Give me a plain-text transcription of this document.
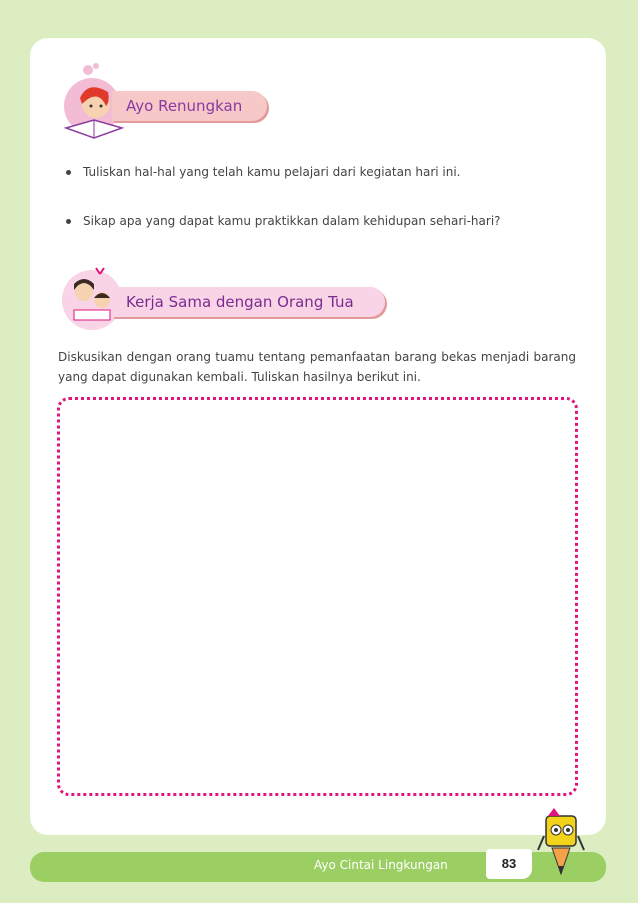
Ayo Renungkan
Tuliskan hal-hal yang telah kamu pelajari dari kegiatan hari ini.
Sikap apa yang dapat kamu praktikkan dalam kehidupan sehari-hari?
Kerja Sama dengan Orang Tua
Diskusikan dengan orang tuamu tentang pemanfaatan barang bekas menjadi barang yang dapat digunakan kembali. Tuliskan hasilnya berikut ini.
Ayo Cintai Lingkungan	83
